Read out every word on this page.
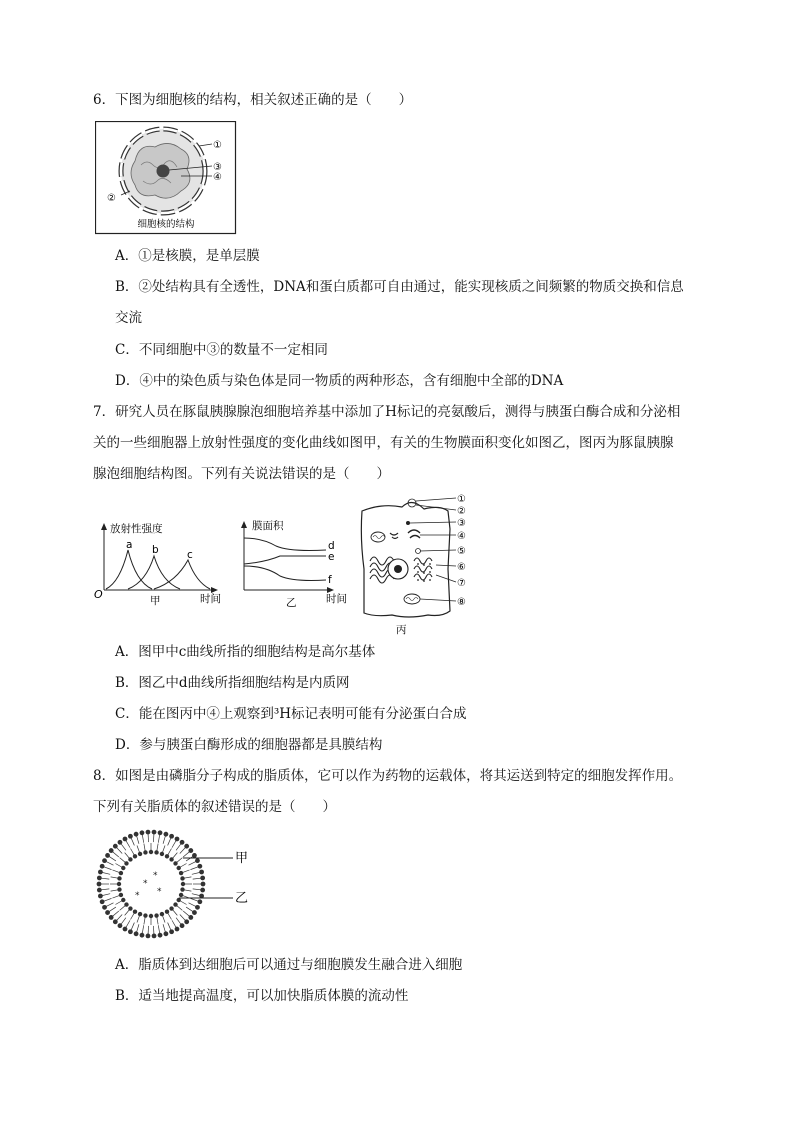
6．下图为细胞核的结构，相关叙述正确的是（　　）
①
③
④
②
细胞核的结构
A．①是核膜，是单层膜
B．②处结构具有全透性，DNA和蛋白质都可自由通过，能实现核质之间频繁的物质交换和信息
交流
C．不同细胞中③的数量不一定相同
D．④中的染色质与染色体是同一物质的两种形态，含有细胞中全部的DNA
7．研究人员在豚鼠胰腺腺泡细胞培养基中添加了H标记的亮氨酸后，测得与胰蛋白酶合成和分泌相
关的一些细胞器上放射性强度的变化曲线如图甲，有关的生物膜面积变化如图乙，图丙为豚鼠胰腺
腺泡细胞结构图。下列有关说法错误的是（　　）
放射性强度
a b	c
O	甲	时间
膜面积
d
e
f
乙	时间
①
②
③
④
⑤
⑥
⑦
⑧
丙
A．图甲中c曲线所指的细胞结构是高尔基体
B．图乙中d曲线所指细胞结构是内质网
C．能在图丙中④上观察到³H标记表明可能有分泌蛋白合成
D．参与胰蛋白酶形成的细胞器都是具膜结构
8．如图是由磷脂分子构成的脂质体，它可以作为药物的运载体，将其运送到特定的细胞发挥作用。
下列有关脂质体的叙述错误的是（　　）
*
*
*
*
甲
乙
A．脂质体到达细胞后可以通过与细胞膜发生融合进入细胞
B．适当地提高温度，可以加快脂质体膜的流动性
